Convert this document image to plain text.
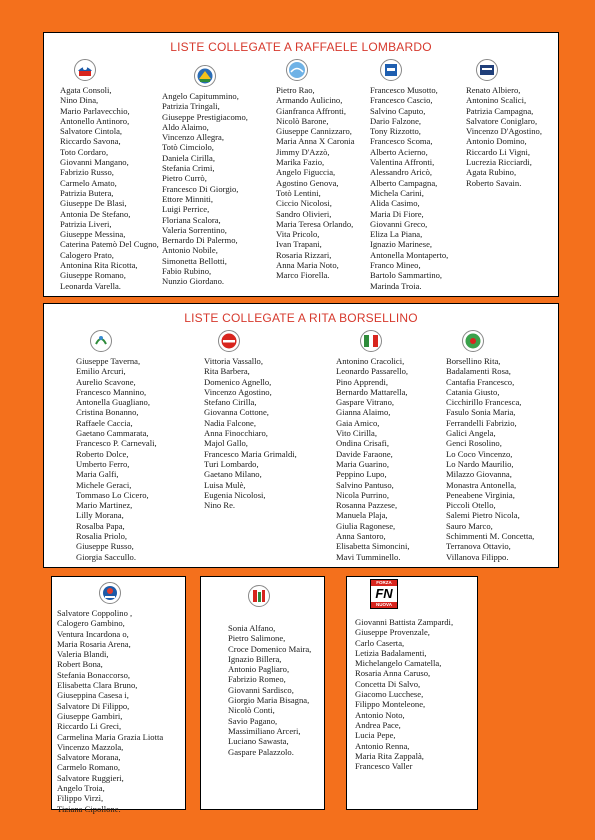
LISTE COLLEGATE A RAFFAELE LOMBARDO
Agata Consoli,
Nino Dina,
Mario Parlavecchio,
Antonello Antinoro,
Salvatore Cintola,
Riccardo Savona,
Toto Cordaro,
Giovanni Mangano,
Fabrizio Russo,
Carmelo Amato,
Patrizia Butera,
Giuseppe De Blasi,
Antonia De Stefano,
Patrizia Liveri,
Giuseppe Messina,
Caterina Patemò Del Cugno,
Calogero Prato,
Antonina Rita Ricotta,
Giuseppe Romano,
Leonarda Varella.
Angelo Capitummino,
Patrizia Tringali,
Giuseppe Prestigiacomo,
Aldo Alaimo,
Vincenzo Allegra,
Totò Cimciolo,
Daniela Cirilla,
Stefania Crimi,
Pietro Currò,
Francesco Di Giorgio,
Ettore Minniti,
Luigi Perrice,
Floriana Scalora,
Valeria Sorrentino,
Bernardo Di Palermo,
Antonio Nobile,
Simonetta Bellotti,
Fabio Rubino,
Nunzio Giordano.
Pietro Rao,
Armando Aulicino,
Gianfranca Affronti,
Nicolò Barone,
Giuseppe Cannizzaro,
Maria Anna X Caronia
Jimmy D'Azzò,
Marika Fazio,
Angelo Figuccia,
Agostino Genova,
Totò Lentini,
Ciccio Nicolosi,
Sandro Olivieri,
Maria Teresa Orlando,
Vita Pricolo,
Ivan Trapani,
Rosaria Rizzari,
Anna Maria Noto,
Marco Fiorella.
Francesco Musotto,
Francesco Cascio,
Salvino Caputo,
Dario Falzone,
Tony Rizzotto,
Francesco Scoma,
Alberto Acierno,
Valentina Affronti,
Alessandro Aricò,
Alberto Campagna,
Michela Carini,
Alida Casimo,
Maria Di Fiore,
Giovanni Greco,
Eliza La Piana,
Ignazio Marinese,
Antonella Montaperto,
Franco Mineo,
Bartolo Sammartino,
Marinda Troia.
Renato Albiero,
Antonino Scalici,
Patrizia Campagna,
Salvatore Coniglaro,
Vincenzo D'Agostino,
Antonio Domino,
Riccardo Li Vigni,
Lucrezia Ricciardi,
Agata Rubino,
Roberto Savain.
LISTE COLLEGATE A RITA BORSELLINO
Giuseppe Taverna,
Emilio Arcuri,
Aurelio Scavone,
Francesco Mannino,
Antonella Guagliano,
Cristina Bonanno,
Raffaele Caccia,
Gaetano Cammarata,
Francesco P. Carnevali,
Roberto Dolce,
Umberto Ferro,
Maria Galfi,
Michele Geraci,
Tommaso Lo Cicero,
Mario Martinez,
Lilly Morana,
Rosalba Papa,
Rosalia Priolo,
Giuseppe Russo,
Giorgia Saccullo.
Vittoria Vassallo,
Rita Barbera,
Domenico Agnello,
Vincenzo Agostino,
Stefano Cirilla,
Giovanna Cottone,
Nadia Falcone,
Anna Finocchiaro,
Majol Gallo,
Francesco Maria Grimaldi,
Turi Lombardo,
Gaetano Milano,
Luisa Mulè,
Eugenia Nicolosi,
Nino Re.
Antonino Cracolici,
Leonardo Passarello,
Pino Apprendi,
Bernardo Mattarella,
Gaspare Vitrano,
Gianna Alaimo,
Gaia Amico,
Vito Cirilla,
Ondina Crisafi,
Davide Faraone,
Maria Guarino,
Peppino Lupo,
Salvino Pantuso,
Nicola Purrino,
Rosanna Pazzese,
Manuela Plaja,
Giulia Ragonese,
Anna Santoro,
Elisabetta Simoncini,
Mavi Tumminello.
Borsellino Rita,
Badalamenti Rosa,
Cantafia Francesco,
Catania Giusto,
Cicchirillo Francesca,
Fasulo Sonia Maria,
Ferrandelli Fabrizio,
Galici Angela,
Genci Rosolino,
Lo Coco Vincenzo,
Lo Nardo Maurilio,
Milazzo Giovanna,
Monastra Antonella,
Peneabene Virginia,
Piccoli Otello,
Salemi Pietro Nicola,
Sauro Marco,
Schimmenti M. Concetta,
Terranova Ottavio,
Villanova Filippo.
Salvatore Coppolino ,
Calogero Gambino,
Ventura Incardona o,
Maria Rosaria Arena,
Valeria Blandi,
Robert Bona,
Stefania Bonaccorso,
Elisabetta Clara Bruno,
Giuseppina Casesa i,
Salvatore Di Filippo,
Giuseppe Gambiri,
Riccardo Li Greci,
Carmelina Maria Grazia Liotta
Vincenzo Mazzola,
Salvatore Morana,
Carmelo Romano,
Salvatore Ruggieri,
Angelo Troia,
Filippo Virzì,
Tiziana Cipollone.
Sonia Alfano,
Pietro Salimone,
Croce Domenico Maira,
Ignazio Billera,
Antonio Pagliaro,
Fabrizio Romeo,
Giovanni Sardisco,
Giorgio Maria Bisagna,
Nicolò Conti,
Savio Pagano,
Massimiliano Arceri,
Luciano Sawasta,
Gaspare Palazzolo.
FORZA
FN
NUOVA
Giovanni Battista Zampardi,
Giuseppe Provenzale,
Carlo Caserta,
Letizia Badalamenti,
Michelangelo Camatella,
Rosaria Anna Caruso,
Concetta Di Salvo,
Giacomo Lucchese,
Filippo Monteleone,
Antonio Noto,
Andrea Pace,
Lucia Pepe,
Antonio Renna,
Maria Rita Zappalà,
Francesco Valler
